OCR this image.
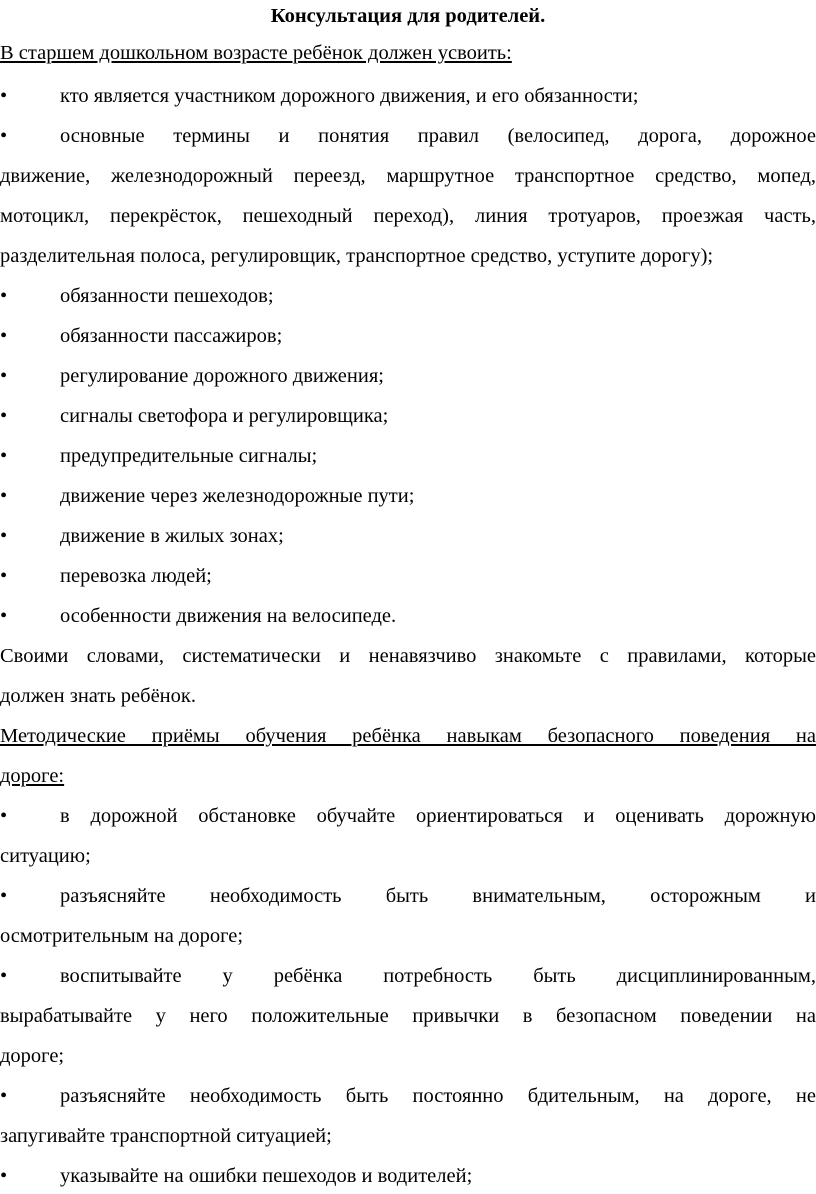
Консультация для родителей.
В старшем дошкольном возрасте ребёнок должен усвоить:
•	кто является участником дорожного движения, и его обязанности;
•	основные термины и понятия правил (велосипед, дорога, дорожное
движение, железнодорожный переезд, маршрутное транспортное средство, мопед,
мотоцикл, перекрёсток, пешеходный переход), линия тротуаров, проезжая часть,
разделительная полоса, регулировщик, транспортное средство, уступите дорогу);
•	обязанности пешеходов;
•	обязанности пассажиров;
•	регулирование дорожного движения;
•	сигналы светофора и регулировщика;
•	предупредительные сигналы;
•	движение через железнодорожные пути;
•	движение в жилых зонах;
•	перевозка людей;
•	особенности движения на велосипеде.
Своими словами, систематически и ненавязчиво знакомьте с правилами, которые
должен знать ребёнок.
Методические приёмы обучения ребёнка навыкам безопасного поведения на
дороге:
•	в дорожной обстановке обучайте ориентироваться и оценивать дорожную
ситуацию;
•	разъясняйте необходимость быть внимательным, осторожным и
осмотрительным на дороге;
•	воспитывайте у ребёнка потребность быть дисциплинированным,
вырабатывайте у него положительные привычки в безопасном поведении на
дороге;
•	разъясняйте необходимость быть постоянно бдительным, на дороге, не
запугивайте транспортной ситуацией;
•	указывайте на ошибки пешеходов и водителей;
